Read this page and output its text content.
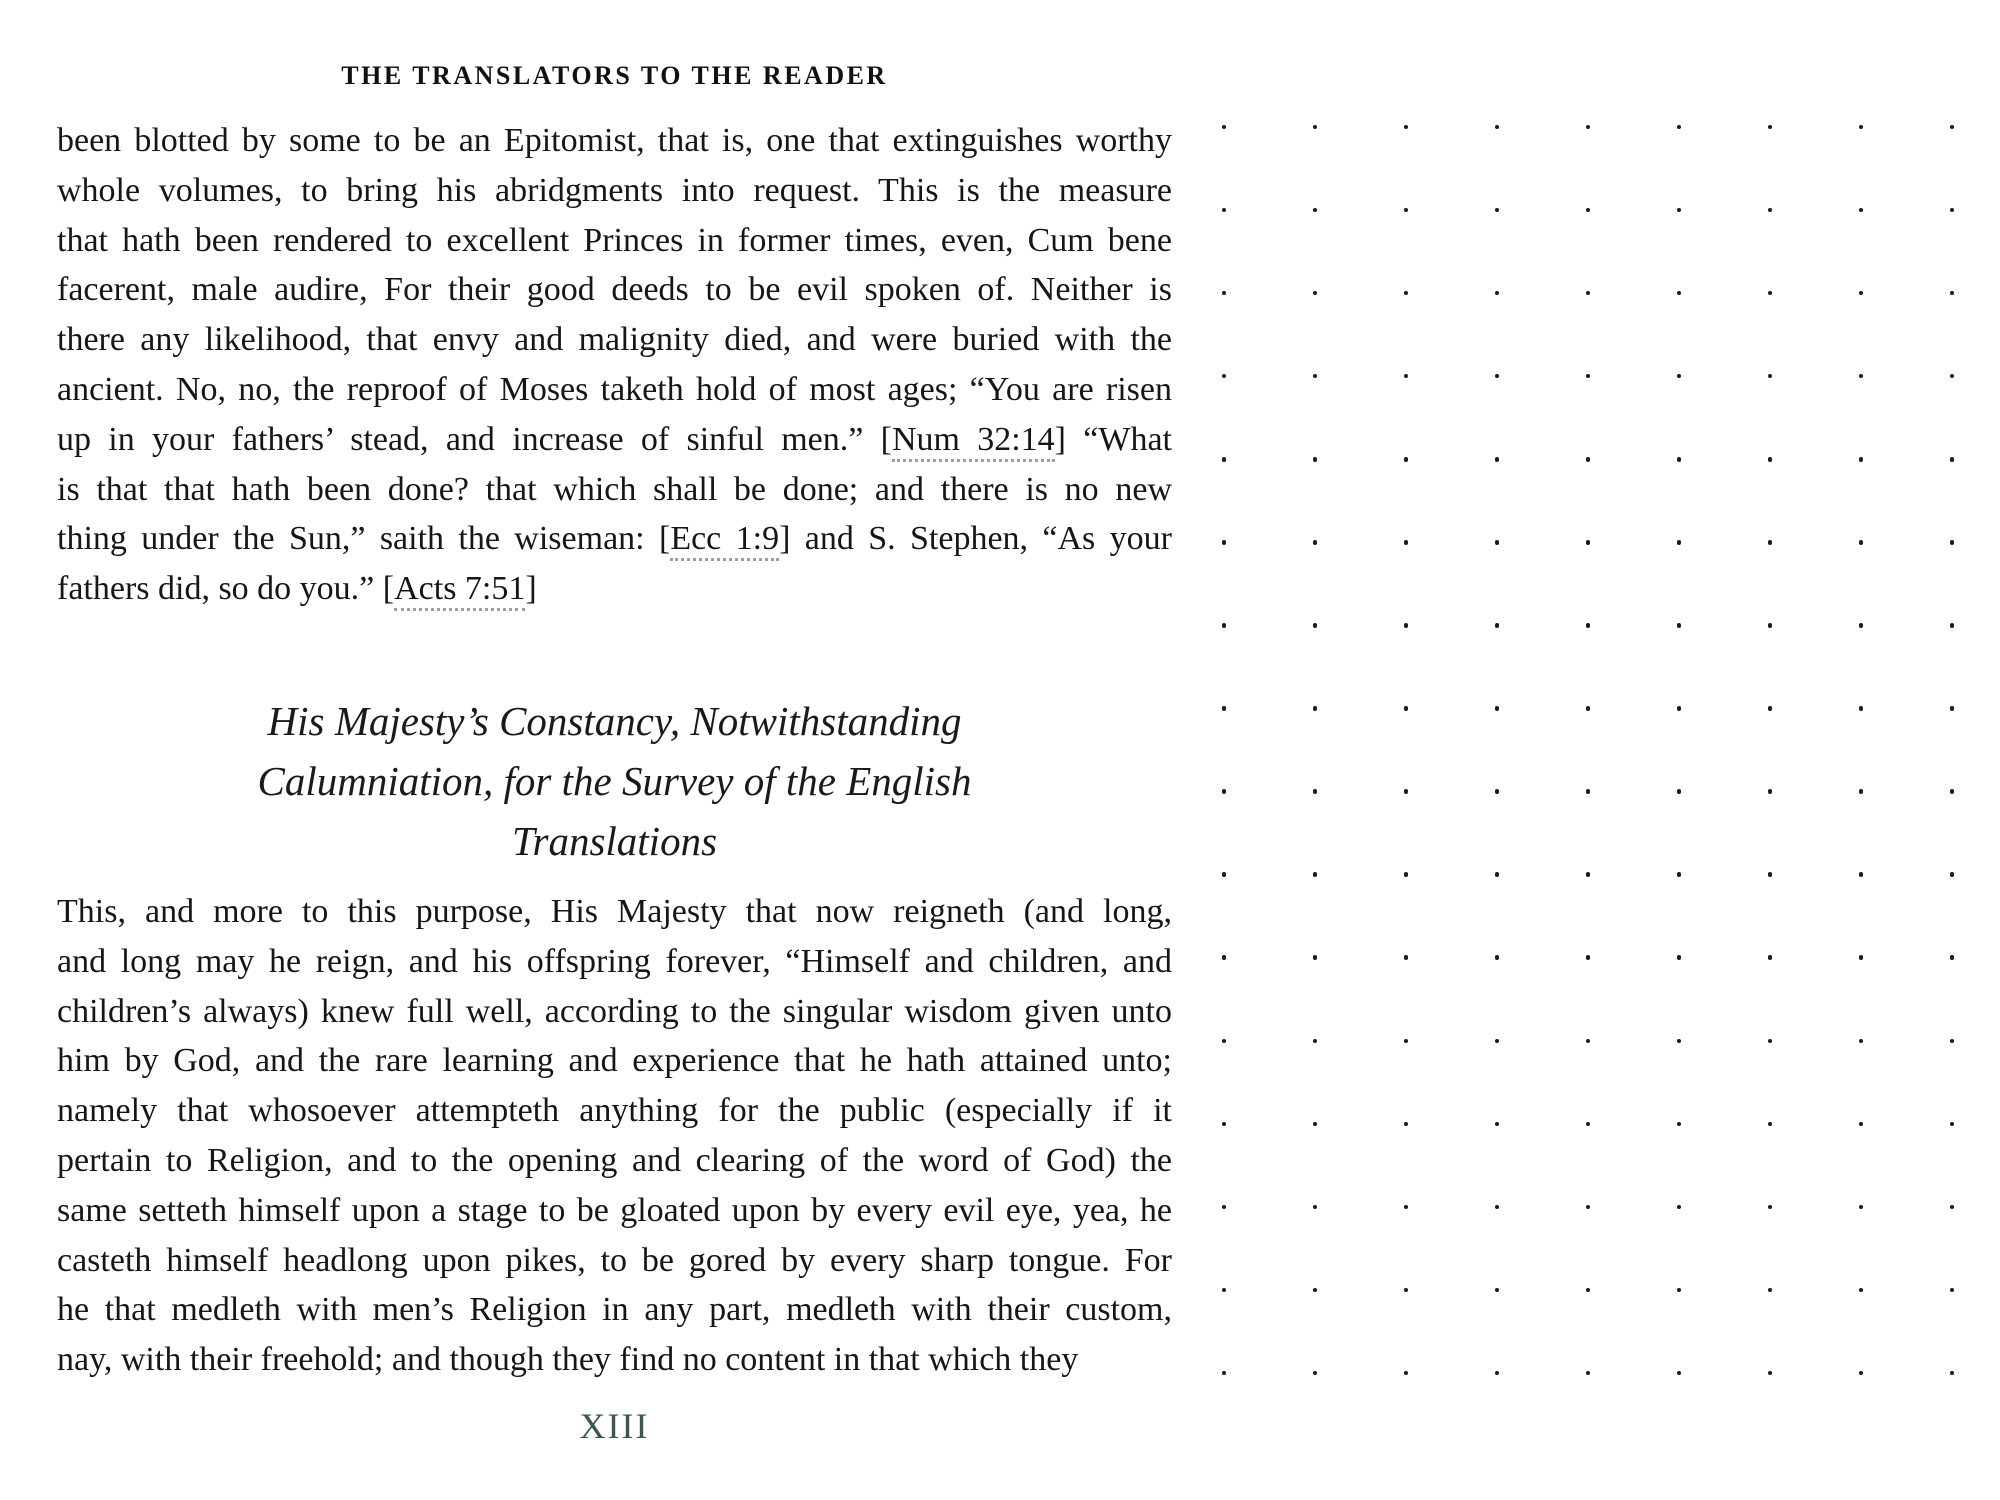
THE TRANSLATORS TO THE READER
been blotted by some to be an Epitomist, that is, one that extinguishes worthy
whole volumes, to bring his abridgments into request. This is the measure
that hath been rendered to excellent Princes in former times, even, Cum bene
facerent, male audire, For their good deeds to be evil spoken of. Neither is
there any likelihood, that envy and malignity died, and were buried with the
ancient. No, no, the reproof of Moses taketh hold of most ages; “You are risen
up in your fathers’ stead, and increase of sinful men.” [Num 32:14] “What
is that that hath been done? that which shall be done; and there is no new
thing under the Sun,” saith the wiseman: [Ecc 1:9] and S. Stephen, “As your
fathers did, so do you.” [Acts 7:51]
His Majesty’s Constancy, Notwithstanding
Calumniation, for the Survey of the English
Translations
This, and more to this purpose, His Majesty that now reigneth (and long,
and long may he reign, and his offspring forever, “Himself and children, and
children’s always) knew full well, according to the singular wisdom given unto
him by God, and the rare learning and experience that he hath attained unto;
namely that whosoever attempteth anything for the public (especially if it
pertain to Religion, and to the opening and clearing of the word of God) the
same setteth himself upon a stage to be gloated upon by every evil eye, yea, he
casteth himself headlong upon pikes, to be gored by every sharp tongue. For
he that medleth with men’s Religion in any part, medleth with their custom,
nay, with their freehold; and though they find no content in that which they
XIII
